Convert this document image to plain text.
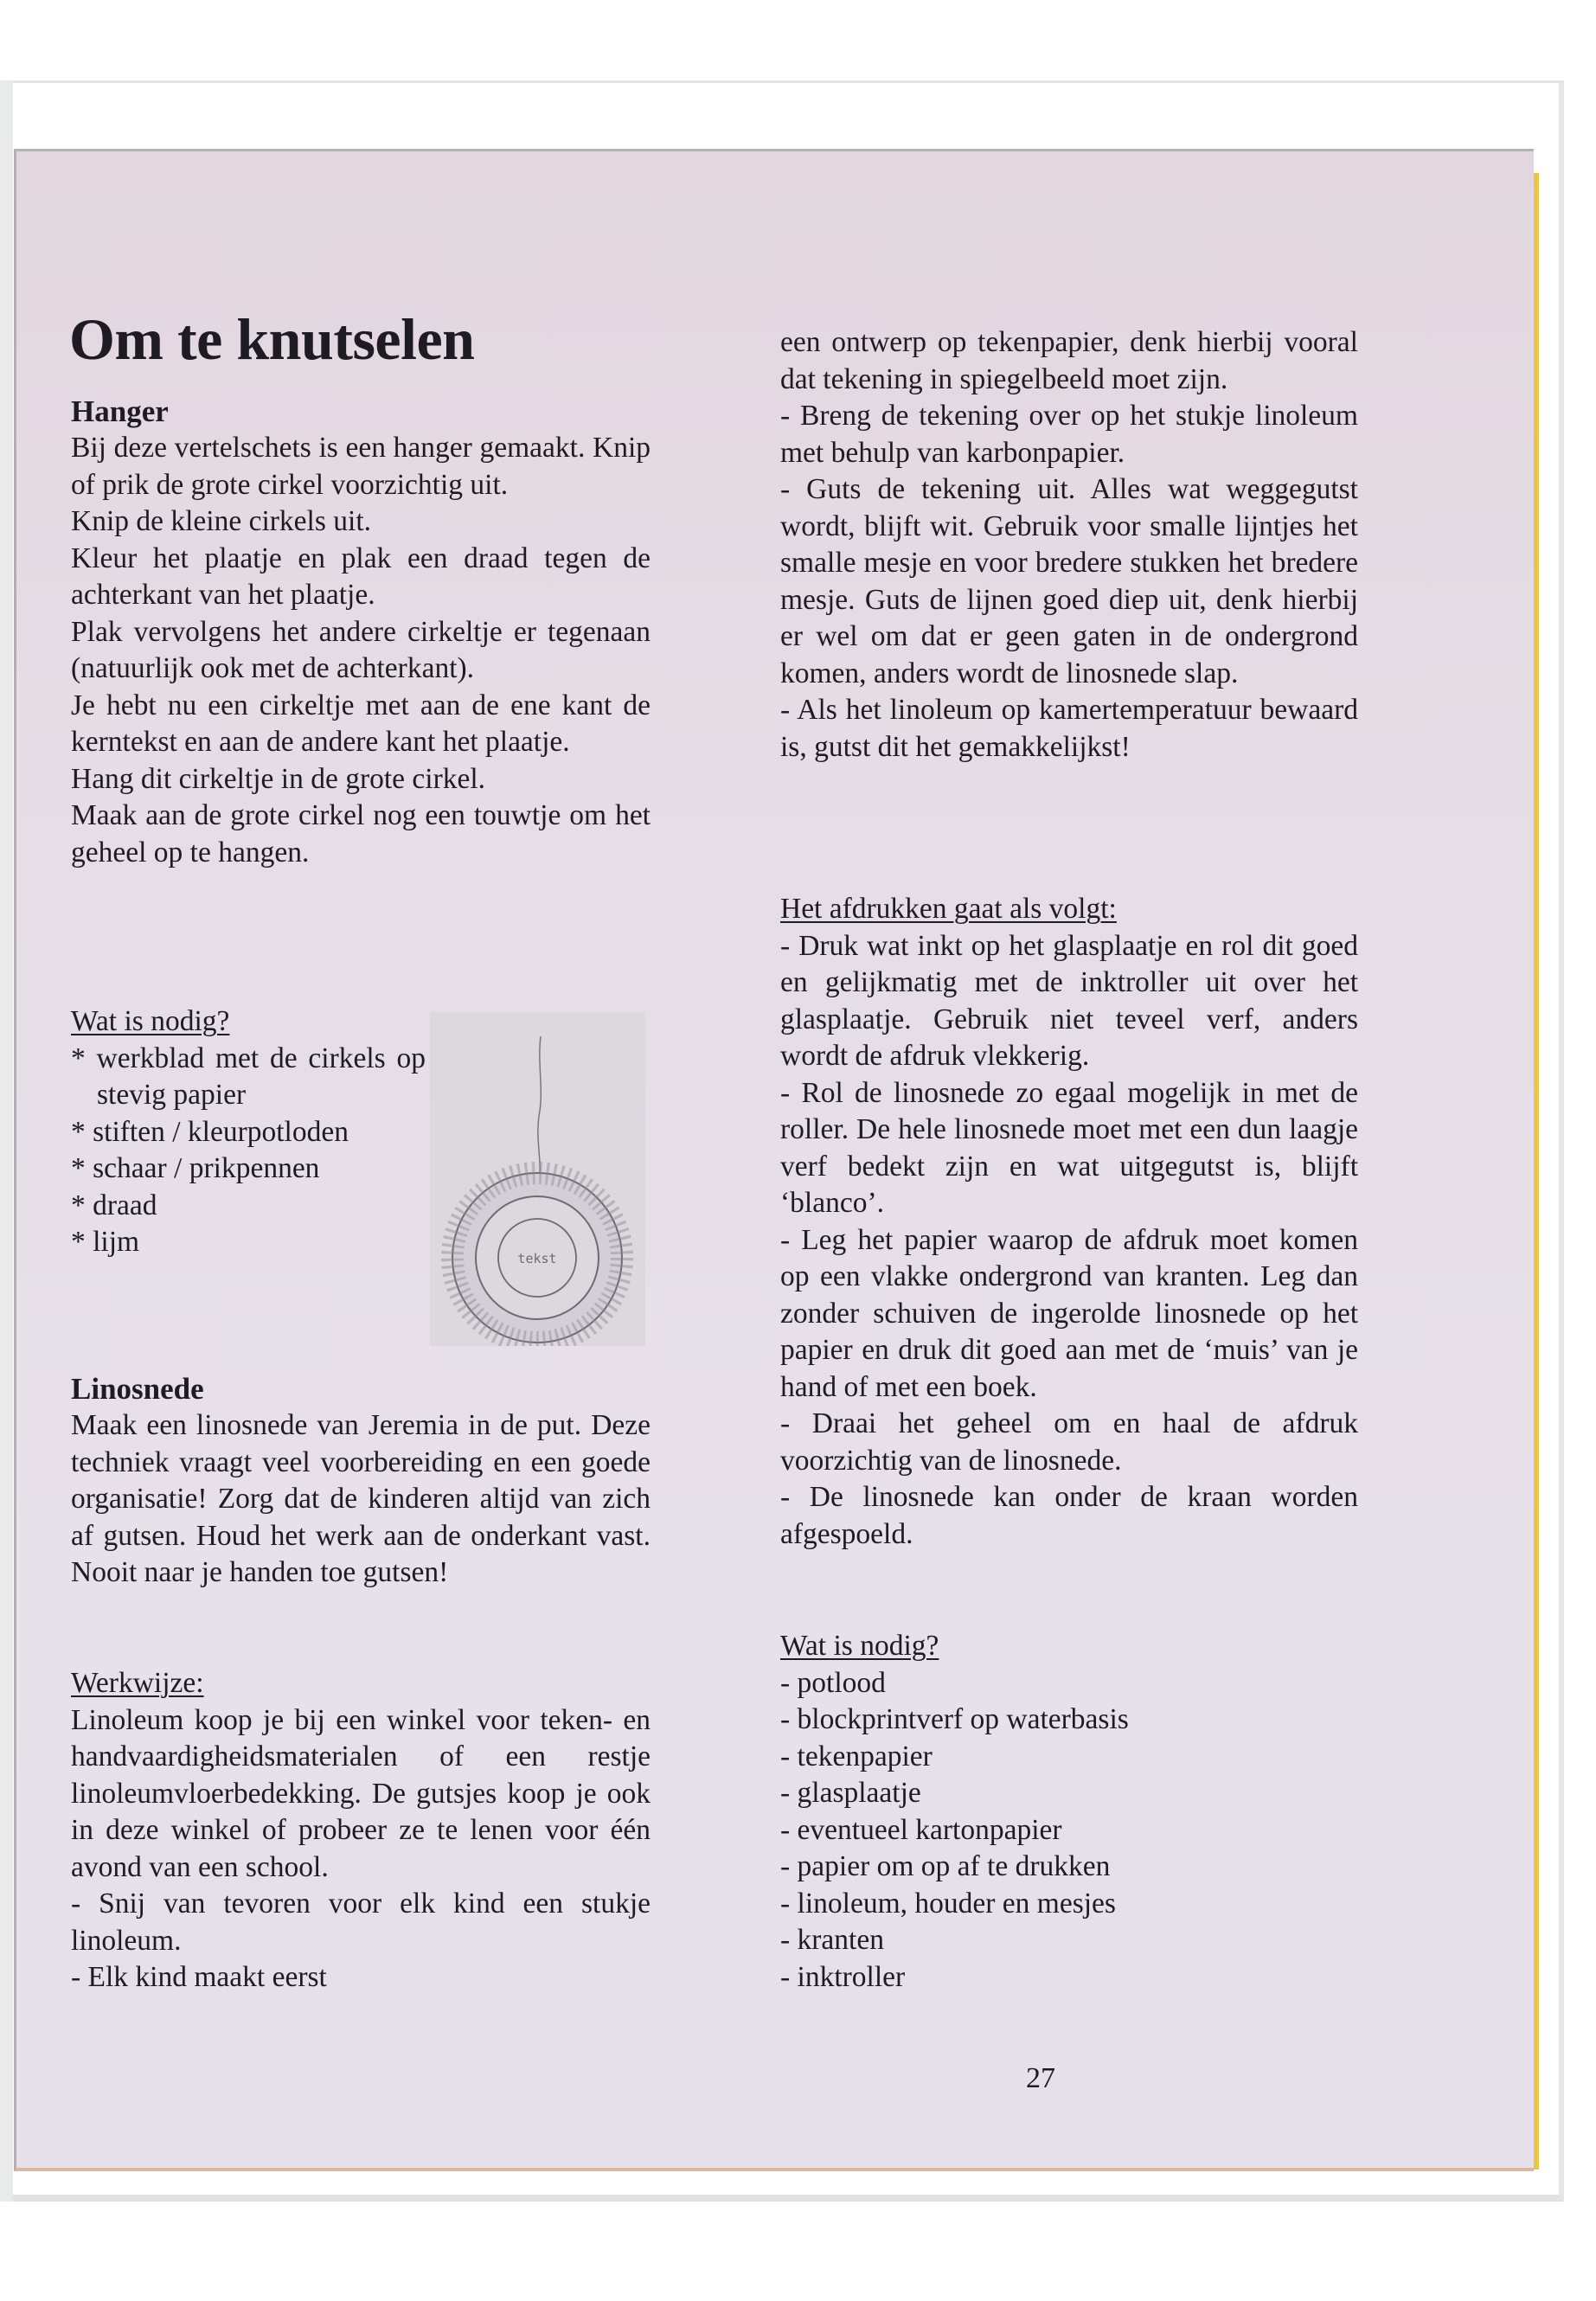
Om te knutselen
Hanger

Bij deze vertelschets is een hanger gemaakt. Knip of prik de grote cirkel voorzichtig uit.

Knip de kleine cirkels uit.

Kleur het plaatje en plak een draad tegen de achterkant van het plaatje.

Plak vervolgens het andere cirkeltje er tegenaan (natuurlijk ook met de achterkant).

Je hebt nu een cirkeltje met aan de ene kant de kerntekst en aan de andere kant het plaatje.

Hang dit cirkeltje in de grote cirkel.

Maak aan de grote cirkel nog een touwtje om het geheel op te hangen.

Wat is nodig?

* werkblad met de cirkels op stevig papier
* stiften / kleurpotloden
* schaar / prikpennen
* draad
* lijm
Linosnede

Maak een linosnede van Jeremia in de put. Deze techniek vraagt veel voorbereiding en een goede organisatie! Zorg dat de kinderen altijd van zich af gutsen. Houd het werk aan de onderkant vast. Nooit naar je handen toe gutsen!

Werkwijze:

Linoleum koop je bij een winkel voor teken- en handvaardigheidsmaterialen of een restje linoleumvloerbedekking. De gutsjes koop je ook in deze winkel of probeer ze te lenen voor één avond van een school.

- Snij van tevoren voor elk kind een stukje linoleum.

- Elk kind maakt eerst

tekst

een ontwerp op tekenpapier, denk hierbij vooral dat tekening in spiegelbeeld moet zijn.

- Breng de tekening over op het stukje linoleum met behulp van karbonpapier.

- Guts de tekening uit. Alles wat weggegutst wordt, blijft wit. Gebruik voor smalle lijntjes het smalle mesje en voor bredere stukken het bredere mesje. Guts de lijnen goed diep uit, denk hierbij er wel om dat er geen gaten in de ondergrond komen, anders wordt de linosnede slap.

- Als het linoleum op kamertemperatuur bewaard is, gutst dit het gemakkelijkst!

Het afdrukken gaat als volgt:

- Druk wat inkt op het glasplaatje en rol dit goed en gelijkmatig met de inktroller uit over het glasplaatje. Gebruik niet teveel verf, anders wordt de afdruk vlekkerig.

- Rol de linosnede zo egaal mogelijk in met de roller. De hele linosnede moet met een dun laagje verf bedekt zijn en wat uitgegutst is, blijft ‘blanco’.

- Leg het papier waarop de afdruk moet komen op een vlakke ondergrond van kranten. Leg dan zonder schuiven de ingerolde linosnede op het papier en druk dit goed aan met de ‘muis’ van je hand of met een boek.

- Draai het geheel om en haal de afdruk voorzichtig van de linosnede.

- De linosnede kan onder de kraan worden afgespoeld.

Wat is nodig?

- potlood
- blockprintverf op waterbasis
- tekenpapier
- glasplaatje
- eventueel kartonpapier
- papier om op af te drukken
- linoleum, houder en mesjes
- kranten
- inktroller
27
